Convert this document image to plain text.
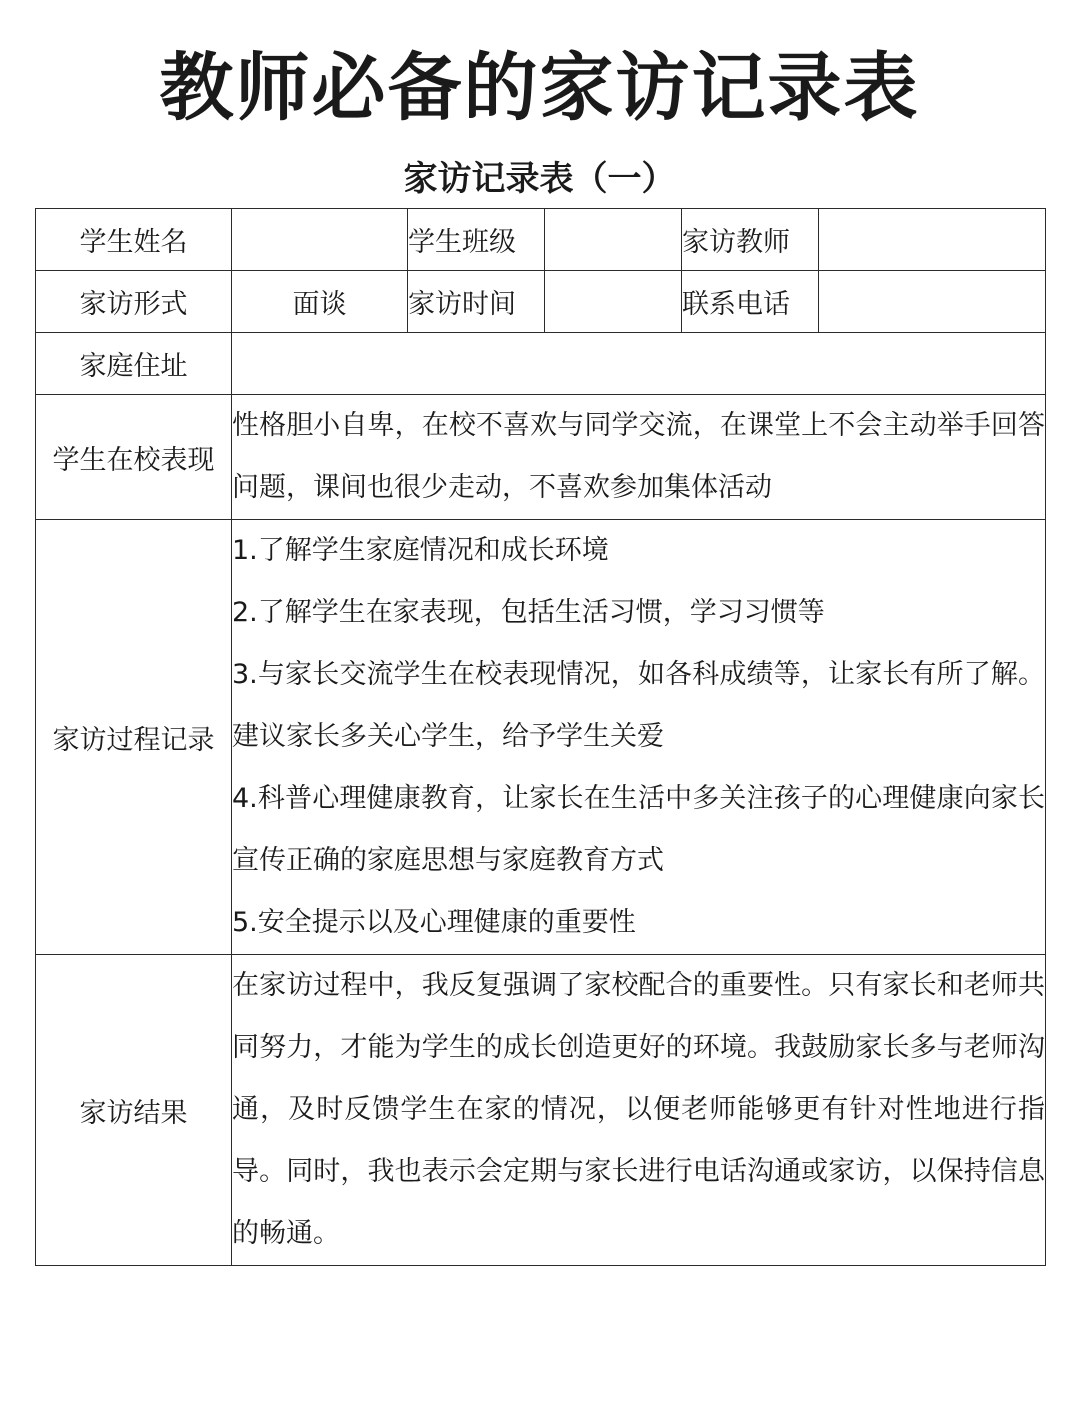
教师必备的家访记录表
家访记录表（一）
学生姓名		学生班级		家访教师	
家访形式	面谈	家访时间		联系电话	
家庭住址					
学生在校表现	性格胆小自卑，在校不喜欢与同学交流，在课堂上不会主动举手回答问题，课间也很少走动，不喜欢参加集体活动				
家访过程记录	1.了解学生家庭情况和成长环境
2.了解学生在家表现，包括生活习惯，学习习惯等
3.与家长交流学生在校表现情况，如各科成绩等，让家长有所了解。建议家长多关心学生，给予学生关爱
4.科普心理健康教育，让家长在生活中多关注孩子的心理健康向家长宣传正确的家庭思想与家庭教育方式
5.安全提示以及心理健康的重要性				

家访结果	在家访过程中，我反复强调了家校配合的重要性。只有家长和老师共同努力，才能为学生的成长创造更好的环境。我鼓励家长多与老师沟通，及时反馈学生在家的情况，以便老师能够更有针对性地进行指导。同时，我也表示会定期与家长进行电话沟通或家访，以保持信息的畅通。				
